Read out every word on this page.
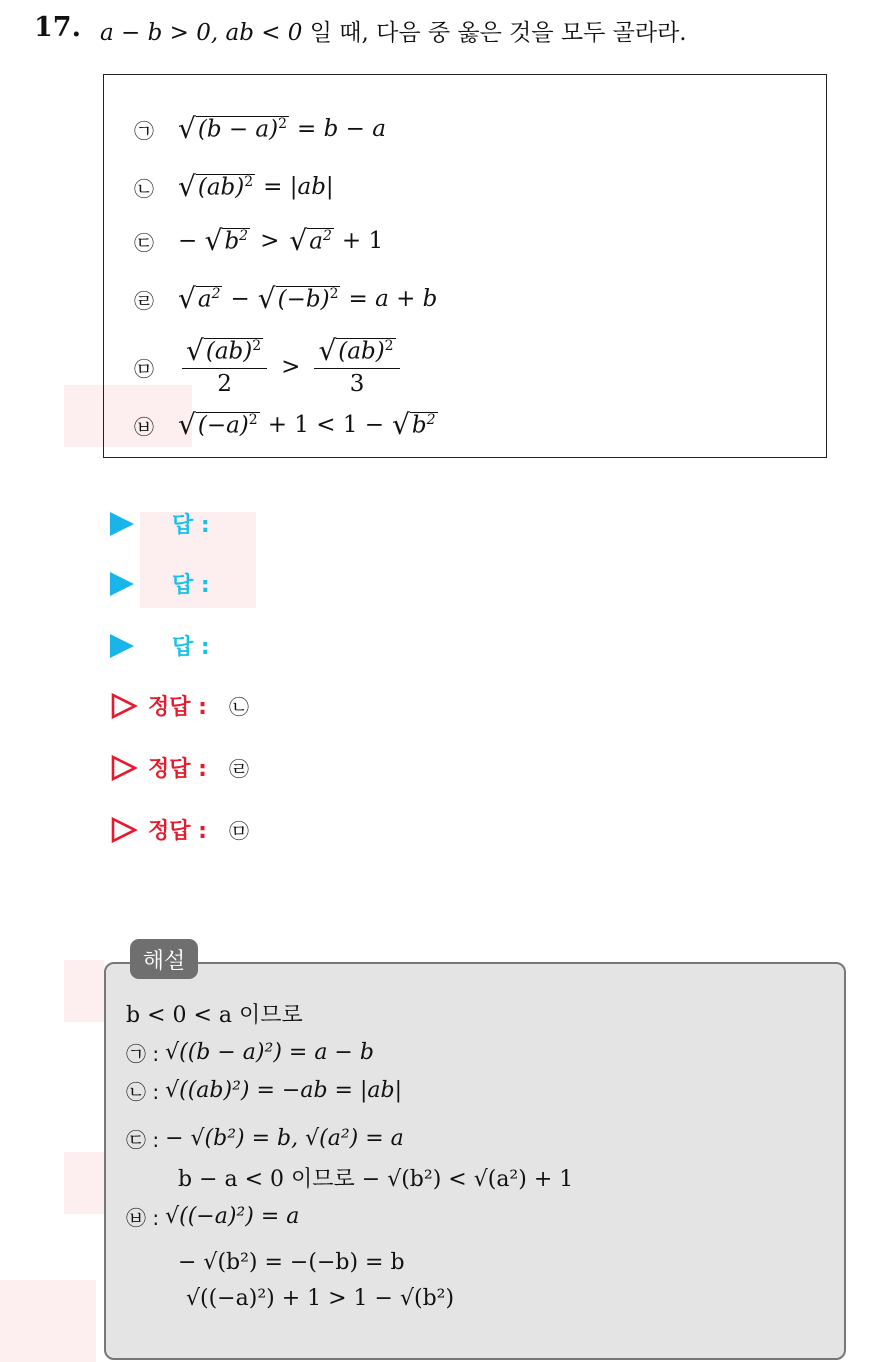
17. a − b > 0, ab < 0 일 때, 다음 중 옳은 것을 모두 골라라.
㉠ √ $(b - a)^2 = b - a$
㉡ √ (ab)$^2$ = |ab|
㉢	− √ $b^2$ > √ $a^2 + 1$
㉣ √ $a^2$ − √ $(-b)^2 = a + b$
㉤	$\frac{√ (ab)^2}{2} > \frac{√ (ab)^2}{3}$
㉥ √ $(-a)^2 + 1 < 1$ − √ $b^2$
답 :
답 :
답 :
정답 : ㉡
정답 : ㉣
정답 : ㉤
b < 0 < a 이므로
㉠ : √((b − a)²) = a − b
㉡ : √((ab)²) = −ab = |ab|
㉢ : − √(b²) = b, √(a²) = a
b − a < 0 이므로 − √(b²) < √(a²) + 1
㉥ : √((−a)²) = a
− √(b²) = −(−b) = b
√((−a)²) + 1 > 1 − √(b²)
해설
